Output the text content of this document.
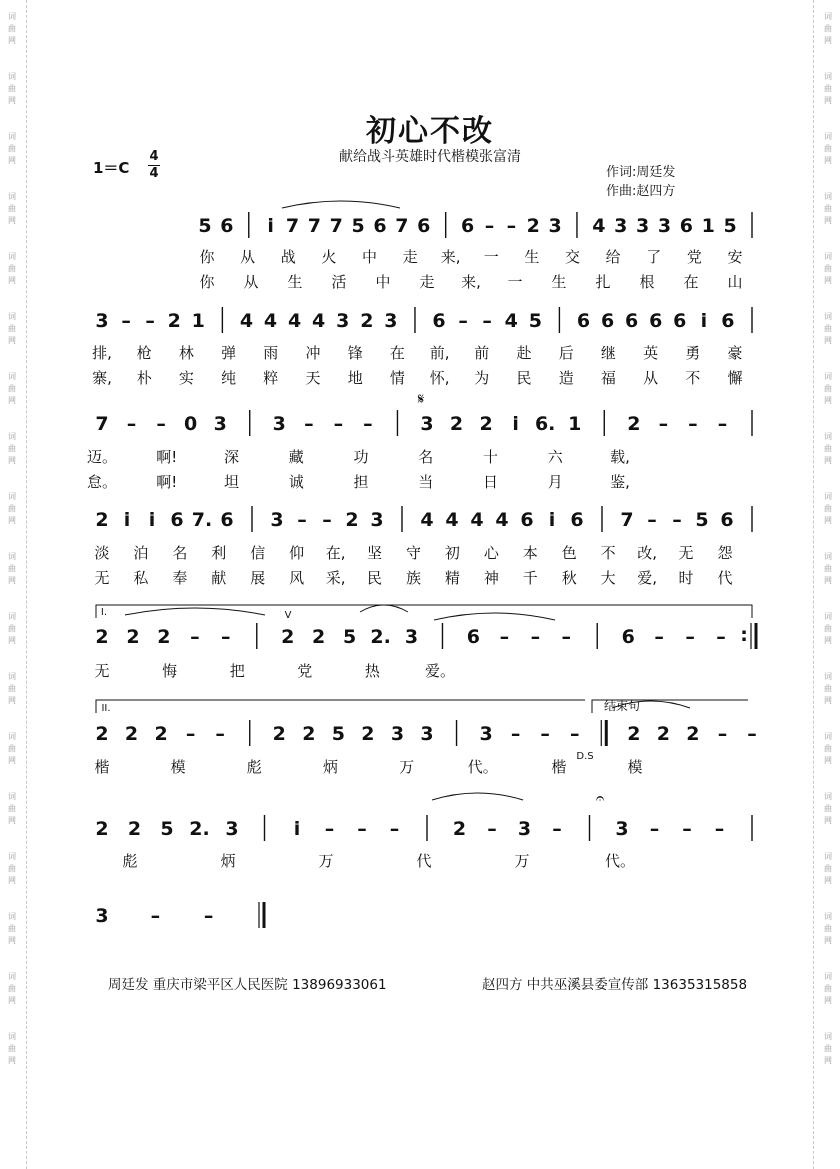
词
曲
网
词
曲
网
词
曲
网
词
曲
网
词
曲
网
词
曲
网
词
曲
网
词
曲
网
词
曲
网
词
曲
网
词
曲
网
词
曲
网
词
曲
网
词
曲
网
词
曲
网
词
曲
网
词
曲
网
词
曲
网
词
曲
网
词
曲
网
词
曲
网
词
曲
网
词
曲
网
词
曲
网
词
曲
网
词
曲
网
词
曲
网
词
曲
网
词
曲
网
词
曲
网
词
曲
网
词
曲
网
词
曲
网
词
曲
网
词
曲
网
词
曲
网
初心不改
献给战斗英雄时代楷模张富清
1＝C
4
4	作词:周廷发
作曲:赵四方
5 6 i 7 7 7 5 6 7 6 6 – – 2 3 4 3 3 3 6 1 5
你 从 战 火 中 走 来, 一 生 交 给 了 党 安
你 从 生 活 中 走 来, 一 生 扎 根 在 山
3 – – 2 1 4 4 4 4 3 2 3 6 – – 4 5 6 6 6 6 6 i 6
排, 枪 林 弹 雨 冲 锋 在 前, 前 赴 后 继 英 勇 豪
寨, 朴 实 纯 粹 天 地 情 怀, 为 民 造 福 从 不 懈
7 – – 0 3 3 – – –	3 2 2 i 6. 1 2 – – –
迈。	啊!	深	藏	功	名	十	六	载,
怠。	啊!	坦	诚	担	当	日	月	鉴,
2 i i 6 7. 6 3 – – 2 3 4 4 4 4 6 i 6 7 – – 5 6
淡 泊 名 利 信 仰 在, 坚 守 初 心 本 色 不 改, 无 怨
无 私 奉 献 展 风 采, 民 族 精 神 千 秋 大 爱, 时 代
2 2 2 – –	2 2 5 2. 3	6 – – –	6 – – – :
无	悔	把	党	热	爱。
2 2 2 – –	2 2 5 2 3 3 3 – – –	2 2 2 – –
楷	模	彪	炳	万	代。	楷	模
2 2 5 2. 3	i – – –	2 – 3 –	3 – – –
彪	炳	万	代	万	代。
3 – –
I.
II.	结束句
𝄋
V
D.S
𝄐
周廷发 重庆市梁平区人民医院 13896933061	赵四方 中共巫溪县委宣传部 13635315858
